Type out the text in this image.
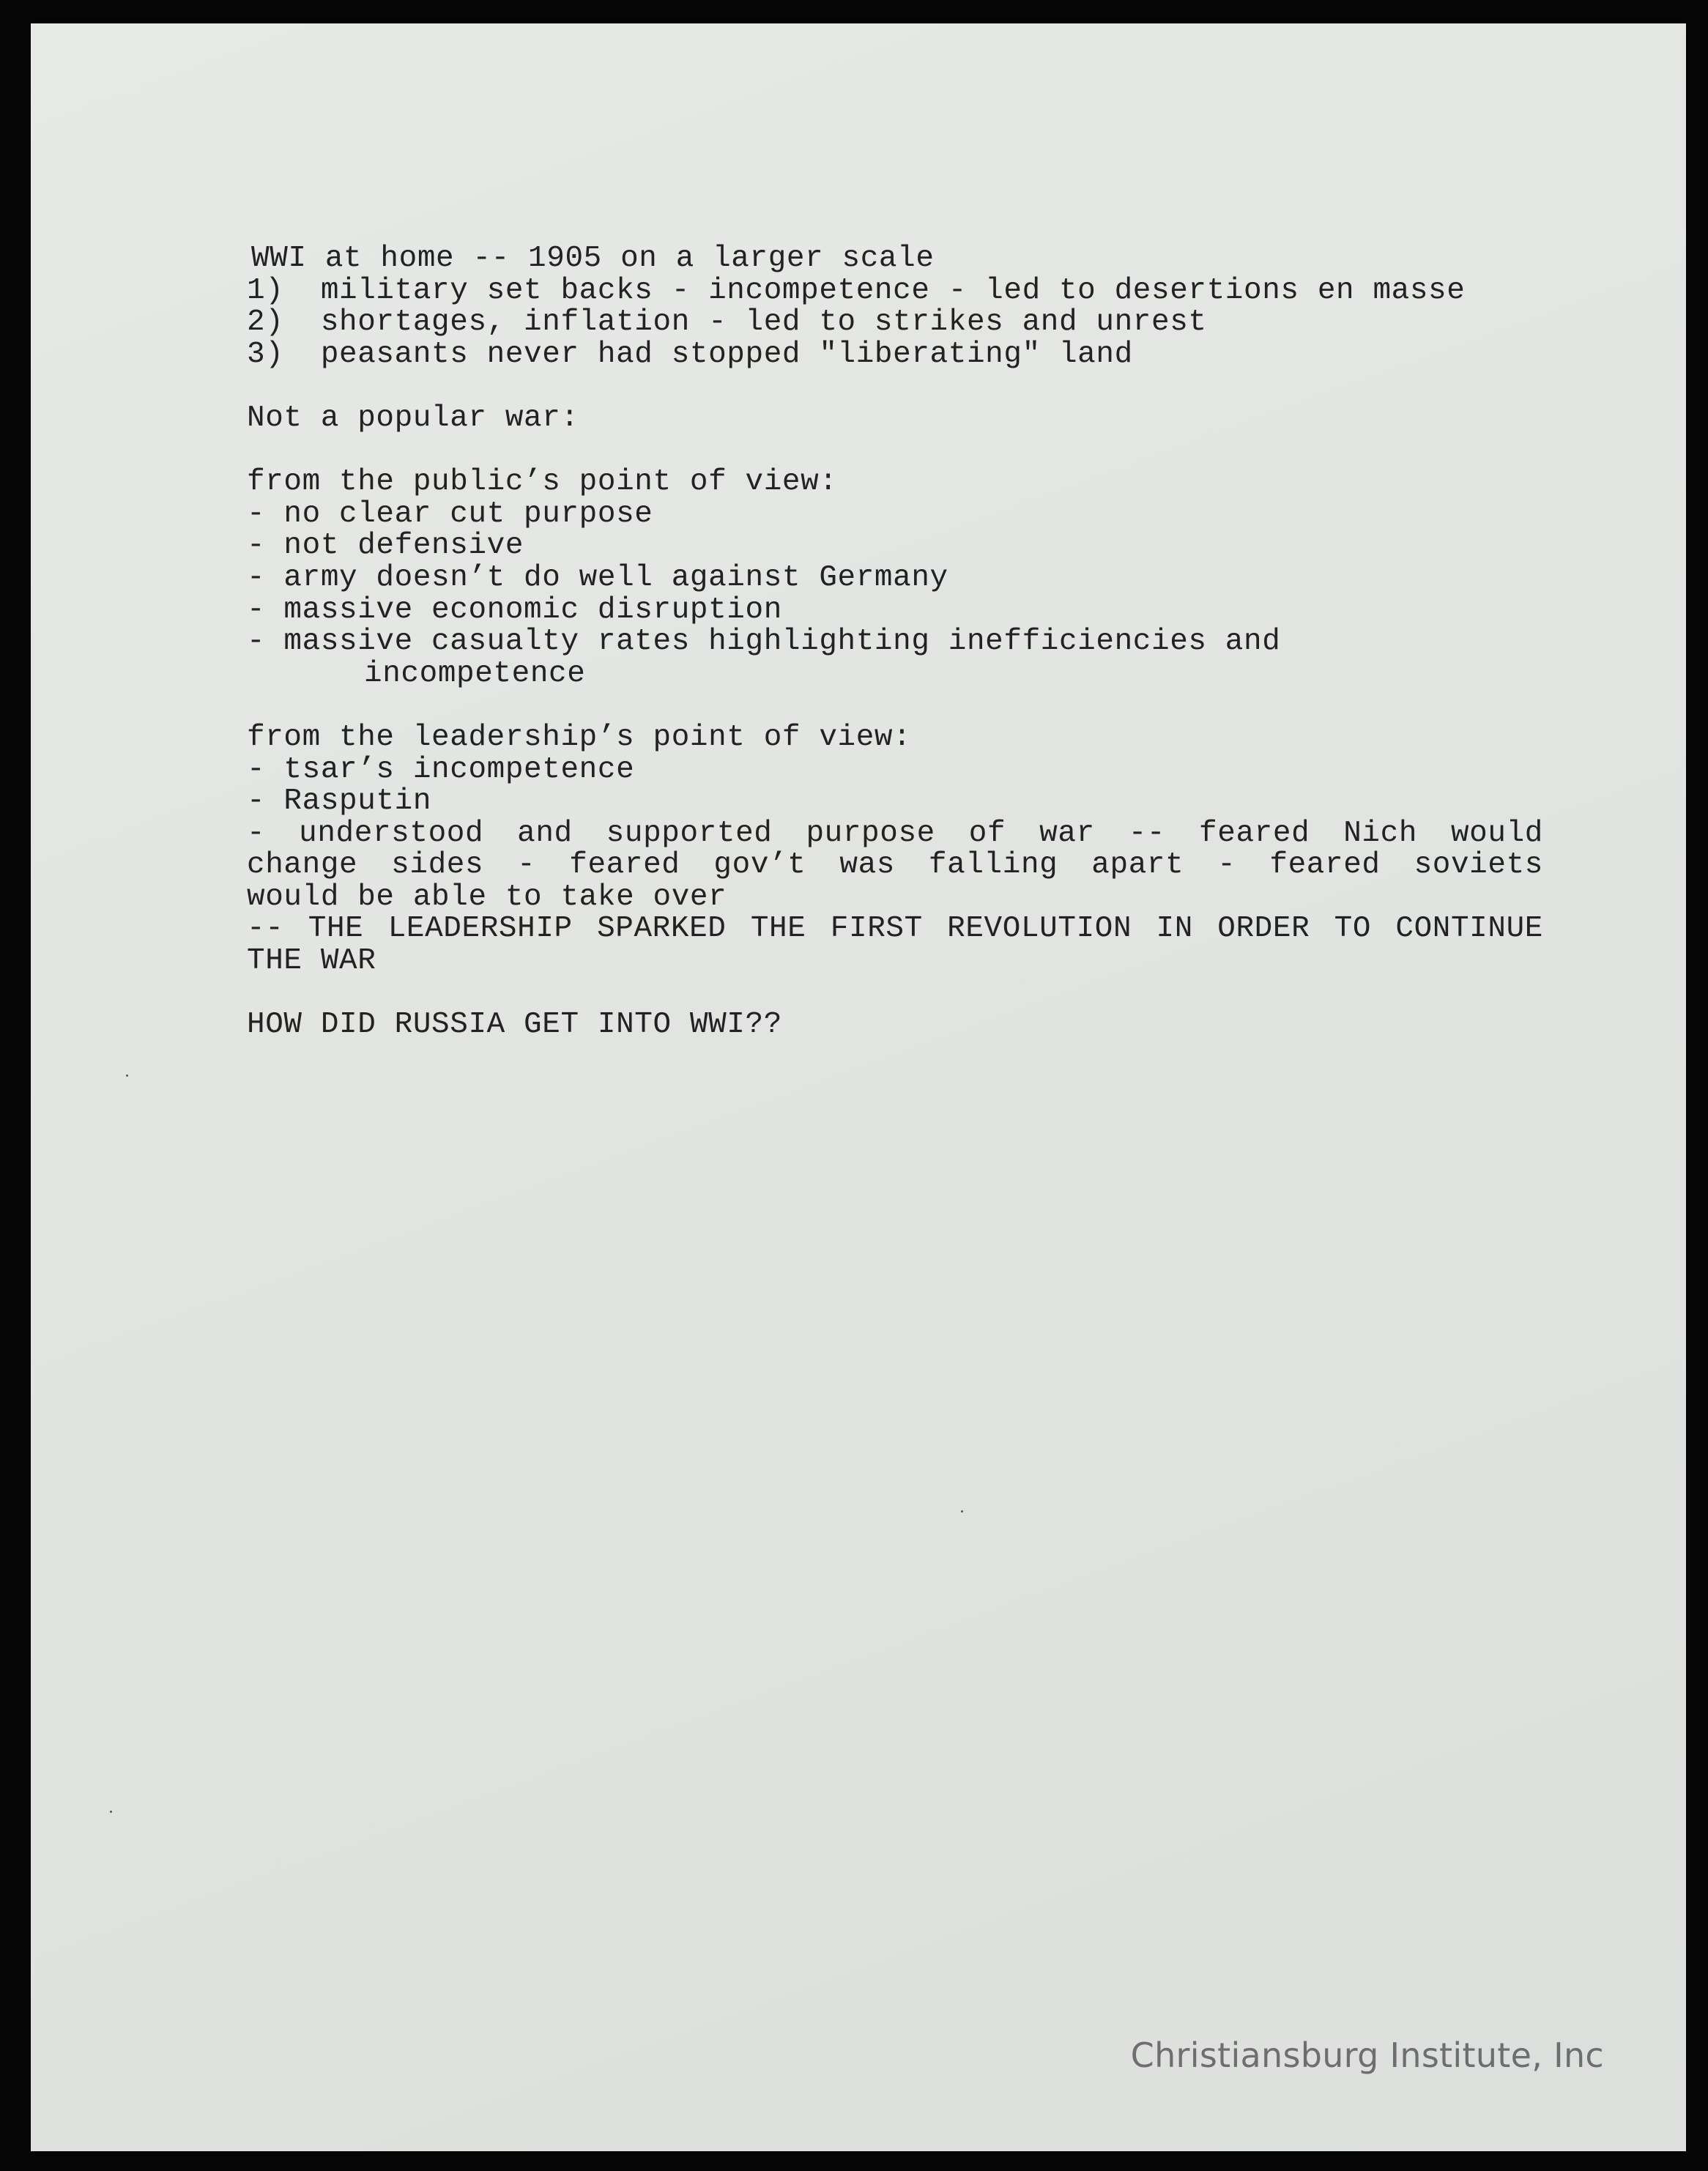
WWI at home -- 1905 on a larger scale
1)  military set backs - incompetence - led to desertions en masse
2)  shortages, inflation - led to strikes and unrest
3)  peasants never had stopped "liberating" land
Not a popular war:
from the public’s point of view:
- no clear cut purpose
- not defensive
- army doesn’t do well against Germany
- massive economic disruption
- massive casualty rates highlighting inefficiencies and
incompetence
from the leadership’s point of view:
- tsar’s incompetence
- Rasputin
- understood and supported purpose of war -- feared Nich would
change sides - feared gov’t was falling apart - feared soviets
would be able to take over
-- THE LEADERSHIP SPARKED THE FIRST REVOLUTION IN ORDER TO CONTINUE
THE WAR
HOW DID RUSSIA GET INTO WWI??
Christiansburg Institute, Inc
